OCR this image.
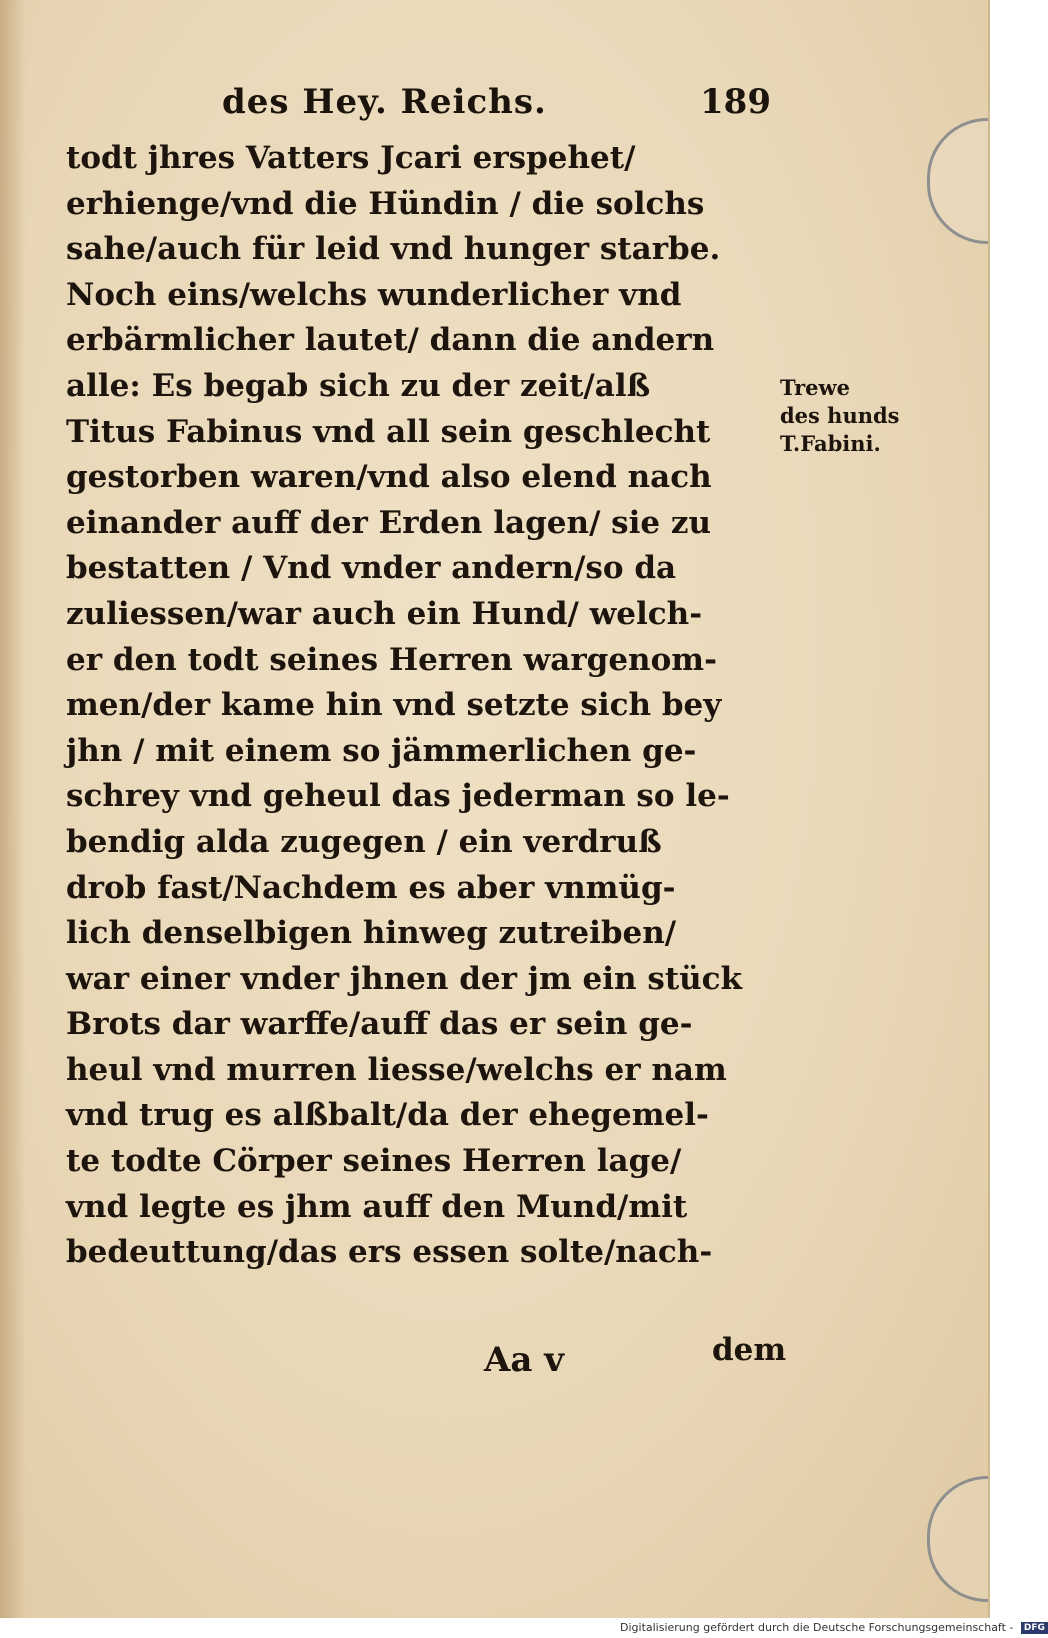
des Hey. Reichs.	189
todt jhres Vatters Jcari erspehet/
erhienge/vnd die Hündin / die solchs
sahe/auch für leid vnd hunger starbe.
Noch eins/welchs wunderlicher vnd
erbärmlicher lautet/ dann die andern
alle: Es begab sich zu der zeit/alß
Titus Fabinus vnd all sein geschlecht
gestorben waren/vnd also elend nach
einander auff der Erden lagen/ sie zu
bestatten / Vnd vnder andern/so da
zuliessen/war auch ein Hund/ welch-
er den todt seines Herren wargenom-
men/der kame hin vnd setzte sich bey
jhn / mit einem so jämmerlichen ge-
schrey vnd geheul das jederman so le-
bendig alda zugegen / ein verdruß
drob fast/Nachdem es aber vnmüg-
lich denselbigen hinweg zutreiben/
war einer vnder jhnen der jm ein stück
Brots dar warffe/auff das er sein ge-
heul vnd murren liesse/welchs er nam
vnd trug es alßbalt/da der ehegemel-
te todte Cörper seines Herren lage/
vnd legte es jhm auff den Mund/mit
bedeuttung/das ers essen solte/nach-
Trewe
des hunds
T.Fabini.
Aa v	dem
Digitalisierung gefördert durch die Deutsche Forschungsgemeinschaft - DFG
